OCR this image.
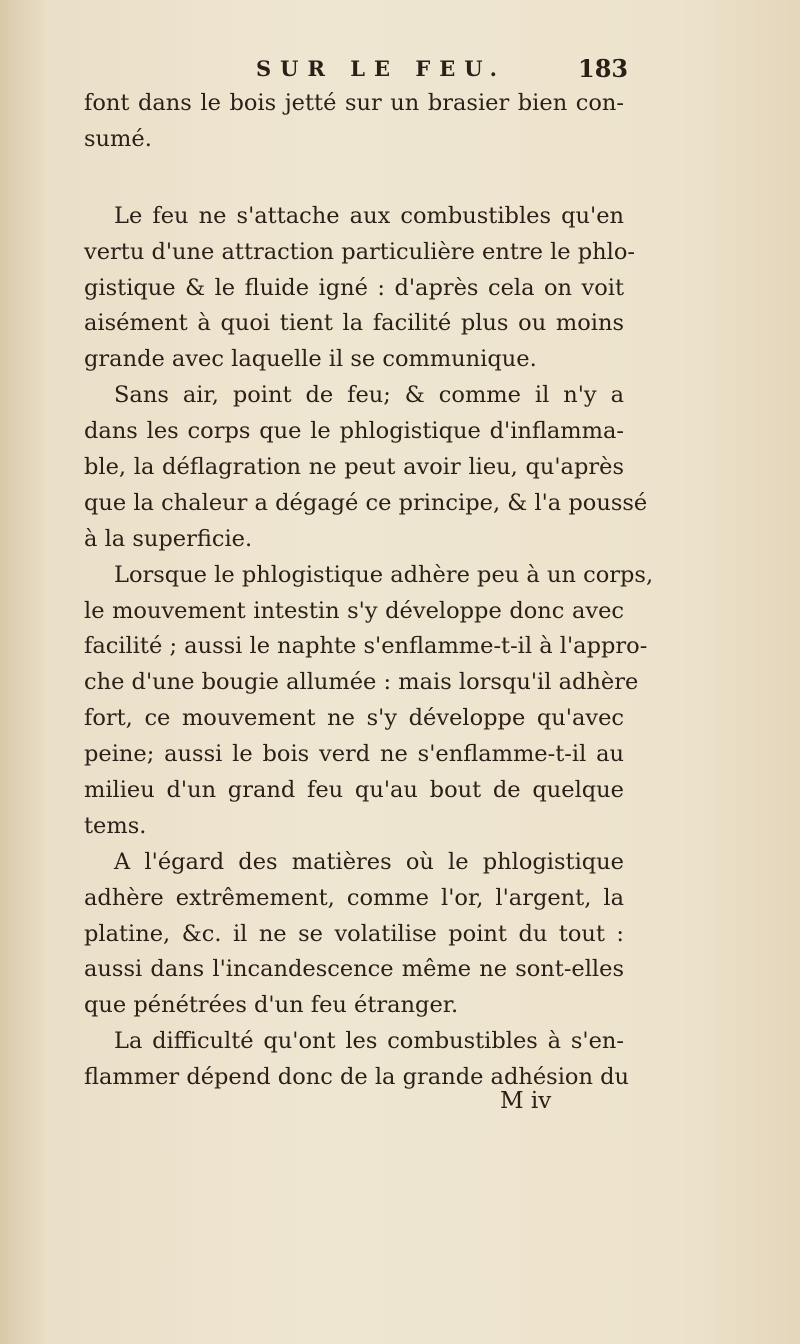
SUR LE FEU.	183
font dans le bois jetté sur un brasier bien con-
sumé.
Le feu ne s'attache aux combustibles qu'en
vertu d'une attraction particulière entre le phlo-
gistique & le fluide igné : d'après cela on voit
aisément à quoi tient la facilité plus ou moins
grande avec laquelle il se communique.
Sans air, point de feu; & comme il n'y a
dans les corps que le phlogistique d'inflamma-
ble, la déflagration ne peut avoir lieu, qu'après
que la chaleur a dégagé ce principe, & l'a poussé
à la superficie.
Lorsque le phlogistique adhère peu à un corps,
le mouvement intestin s'y développe donc avec
facilité ; aussi le naphte s'enflamme-t-il à l'appro-
che d'une bougie allumée : mais lorsqu'il adhère
fort, ce mouvement ne s'y développe qu'avec
peine; aussi le bois verd ne s'enflamme-t-il au
milieu d'un grand feu qu'au bout de quelque
tems.
A l'égard des matières où le phlogistique
adhère extrêmement, comme l'or, l'argent, la
platine, &c. il ne se volatilise point du tout :
aussi dans l'incandescence même ne sont-elles
que pénétrées d'un feu étranger.
La difficulté qu'ont les combustibles à s'en-
flammer dépend donc de la grande adhésion du
M iv
